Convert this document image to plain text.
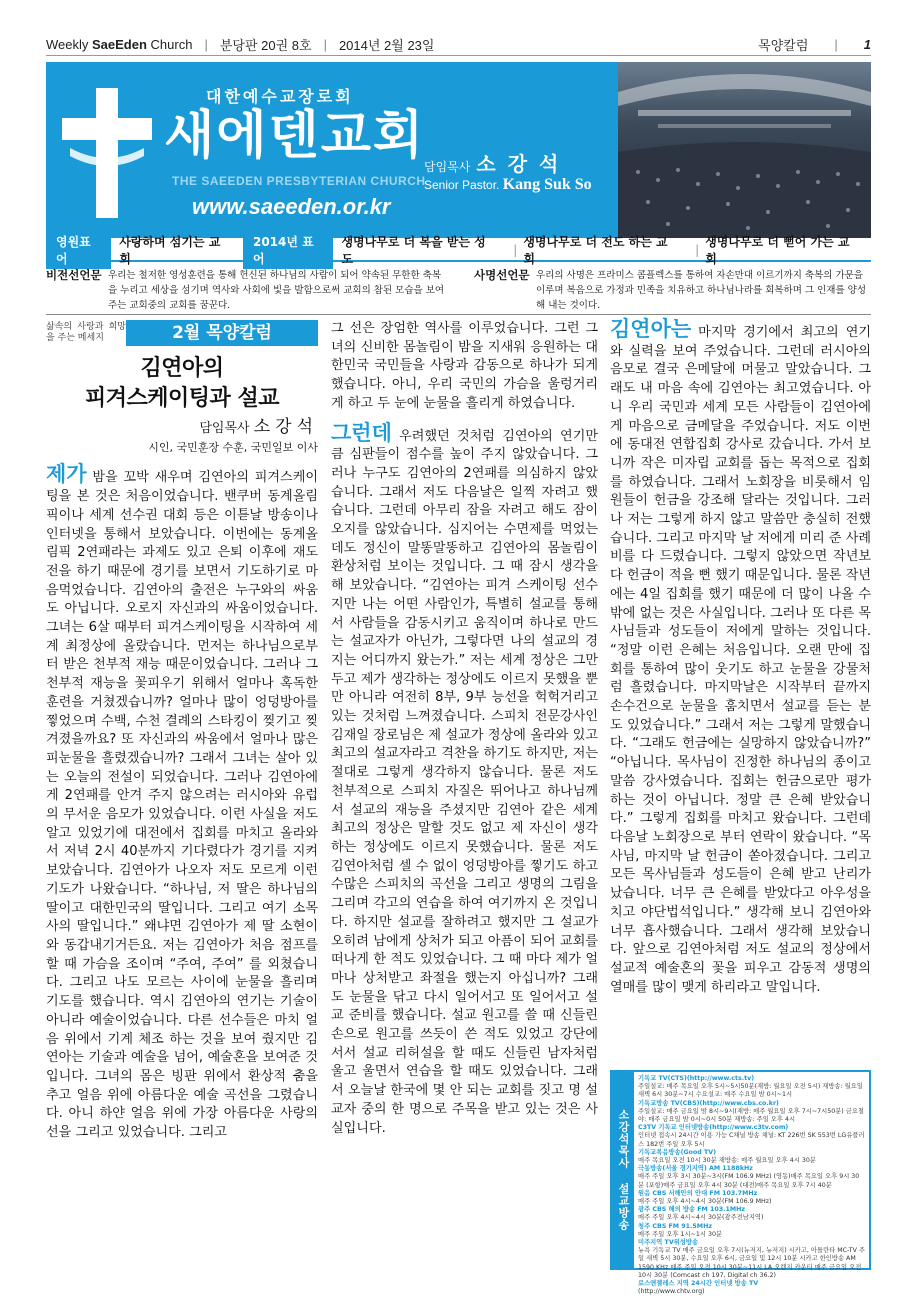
Weekly SaeEden Church | 분당판 20권 8호 | 2014년 2월 23일	목양칼럼 | 1
대한예수교장로회
새에덴교회
THE SAEEDEN PRESBYTERIAN CHURCH
www.saeeden.or.kr
담임목사 소강석
Senior Pastor. Kang Suk So
영원표어
사랑하며 섬기는 교회
2014년 표어
생명나무로 더 복을 받는 성도
|
생명나무로 더 전도 하는 교회
|
생명나무로 더 뻗어 가는 교회
비전선언문 우리는 철저한 영성훈련을 통해 헌신된 하나님의 사람이 되어 약속된 무한한 축복을 누리고 세상을 섬기며 역사와 사회에 빛을 발함으로써 교회의 참된 모습을 보여주는 교회중의 교회를 꿈꾼다.
사명선언문 우리의 사명은 프라미스 콤플렉스를 통하여 자손만대 이르기까지 축복의 가문을 이루며 복음으로 가정과 민족을 치유하고 하나님나라를 회복하며 그 인재를 양성해 내는 것이다.
삶속의 사랑과 희망을 주는 메세지	2월 목양칼럼
김연아의
피겨스케이팅과 설교
담임목사 소강석
시인, 국민훈장 수훈, 국민일보 이사

제가 밤을 꼬박 새우며 김연아의 피겨스케이팅을 본 것은 처음이었습니다. 밴쿠버 동계올림픽이나 세계 선수권 대회 등은 이튿날 방송이나 인터넷을 통해서 보았습니다. 이번에는 동계올림픽 2연패라는 과제도 있고 은퇴 이후에 재도전을 하기 때문에 경기를 보면서 기도하기로 마음먹었습니다. 김연아의 출전은 누구와의 싸움도 아닙니다. 오로지 자신과의 싸움이었습니다. 그녀는 6살 때부터 피겨스케이팅을 시작하여 세계 최정상에 올랐습니다. 먼저는 하나님으로부터 받은 천부적 재능 때문이었습니다. 그러나 그 천부적 재능을 꽃피우기 위해서 얼마나 혹독한 훈련을 거쳤겠습니까? 얼마나 많이 엉덩방아를 찧었으며 수백, 수천 결례의 스타킹이 찢기고 찢겨졌을까요? 또 자신과의 싸움에서 얼마나 많은 피눈물을 흘렸겠습니까? 그래서 그녀는 살아 있는 오늘의 전설이 되었습니다. 그러나 김연아에게 2연패를 안겨 주지 않으려는 러시아와 유럽의 무서운 음모가 있었습니다. 이런 사실을 저도 알고 있었기에 대전에서 집회를 마치고 올라와서 저녁 2시 40분까지 기다렸다가 경기를 지켜보았습니다. 김연아가 나오자 저도 모르게 이런 기도가 나왔습니다. “하나님, 저 딸은 하나님의 딸이고 대한민국의 딸입니다. 그리고 여기 소목사의 딸입니다.” 왜냐면 김연아가 제 딸 소현이와 동갑내기거든요. 저는 김연아가 처음 점프를 할 때 가슴을 조이며 “주여, 주여” 를 외쳤습니다. 그리고 나도 모르는 사이에 눈물을 흘리며 기도를 했습니다. 역시 김연아의 연기는 기술이 아니라 예술이었습니다. 다른 선수들은 마치 얼음 위에서 기계 체조 하는 것을 보여 줬지만 김연아는 기술과 예술을 넘어, 예술혼을 보여준 것입니다. 그녀의 몸은 빙판 위에서 환상적 춤을 추고 얼음 위에 아름다운 예술 곡선을 그렸습니다. 아니 하얀 얼음 위에 가장 아름다운 사랑의 선을 그리고 있었습니다. 그리고

그 선은 장엄한 역사를 이루었습니다. 그런 그녀의 신비한 몸놀림이 밤을 지새워 응원하는 대한민국 국민들을 사랑과 감동으로 하나가 되게 했습니다. 아니, 우리 국민의 가슴을 울렁거리게 하고 두 눈에 눈물을 흘리게 하였습니다.

그런데 우려했던 것처럼 김연아의 연기만큼 심판들이 점수를 높이 주지 않았습니다. 그러나 누구도 김연아의 2연패를 의심하지 않았습니다. 그래서 저도 다음날은 일찍 자려고 했습니다. 그런데 아무리 잠을 자려고 해도 잠이 오지를 않았습니다. 심지어는 수면제를 먹었는데도 정신이 말똥말똥하고 김연아의 몸놀림이 환상처럼 보이는 것입니다. 그 때 잠시 생각을 해 보았습니다. “김연아는 피겨 스케이팅 선수지만 나는 어떤 사람인가, 특별히 설교를 통해서 사람들을 감동시키고 움직이며 하나로 만드는 설교자가 아닌가, 그렇다면 나의 설교의 경지는 어디까지 왔는가.” 저는 세계 정상은 그만두고 제가 생각하는 정상에도 이르지 못했을 뿐만 아니라 여전히 8부, 9부 능선을 헉헉거리고 있는 것처럼 느껴졌습니다. 스피치 전문강사인 김재일 장로님은 제 설교가 정상에 올라와 있고 최고의 설교자라고 격찬을 하기도 하지만, 저는 절대로 그렇게 생각하지 않습니다. 물론 저도 천부적으로 스피치 자질은 뛰어나고 하나님께서 설교의 재능을 주셨지만 김연아 같은 세계 최고의 정상은 말할 것도 없고 제 자신이 생각하는 정상에도 이르지 못했습니다. 물론 저도 김연아처럼 셀 수 없이 엉덩방아를 찧기도 하고 수많은 스피치의 곡선을 그리고 생명의 그림을 그리며 각고의 연습을 하여 여기까지 온 것입니다. 하지만 설교를 잘하려고 했지만 그 설교가 오히려 남에게 상처가 되고 아픔이 되어 교회를 떠나게 한 적도 있었습니다. 그 때 마다 제가 얼마나 상처받고 좌절을 했는지 아십니까? 그래도 눈물을 닦고 다시 일어서고 또 일어서고 설교 준비를 했습니다. 설교 원고를 쓸 때 신들린 손으로 원고를 쓰듯이 쓴 적도 있었고 강단에 서서 설교 리허설을 할 때도 신들린 남자처럼 울고 울면서 연습을 할 때도 있었습니다. 그래서 오늘날 한국에 몇 안 되는 교회를 짓고 명 설교자 중의 한 명으로 주목을 받고 있는 것은 사실입니다.

김연아는 마지막 경기에서 최고의 연기와 실력을 보여 주었습니다. 그런데 러시아의 음모로 결국 은메달에 머물고 말았습니다. 그래도 내 마음 속에 김연아는 최고였습니다. 아니 우리 국민과 세계 모든 사람들이 김연아에게 마음으로 금메달을 주었습니다. 저도 이번에 동대전 연합집회 강사로 갔습니다. 가서 보니까 작은 미자립 교회를 돕는 목적으로 집회를 하였습니다. 그래서 노회장을 비롯해서 임원들이 헌금을 강조해 달라는 것입니다. 그러나 저는 그렇게 하지 않고 말씀만 충실히 전했습니다. 그리고 마지막 날 저에게 미리 준 사례비를 다 드렸습니다. 그렇지 않았으면 작년보다 헌금이 적을 뻔 했기 때문입니다. 물론 작년에는 4일 집회를 했기 때문에 더 많이 나올 수밖에 없는 것은 사실입니다. 그러나 또 다른 목사님들과 성도들이 저에게 말하는 것입니다. “정말 이런 은혜는 처음입니다. 오랜 만에 집회를 통하여 많이 웃기도 하고 눈물을 강물처럼 흘렸습니다. 마지막날은 시작부터 끝까지 손수건으로 눈물을 훔치면서 설교를 듣는 분도 있었습니다.” 그래서 저는 그렇게 말했습니다. “그래도 헌금에는 실망하지 않았습니까?” “아닙니다. 목사님이 진정한 하나님의 종이고 말씀 강사였습니다. 집회는 헌금으로만 평가하는 것이 아닙니다. 정말 큰 은혜 받았습니다.” 그렇게 집회를 마치고 왔습니다. 그런데 다음날 노회장으로 부터 연락이 왔습니다. “목사님, 마지막 날 헌금이 쏟아졌습니다. 그리고 모든 목사님들과 성도들이 은혜 받고 난리가 났습니다. 너무 큰 은혜를 받았다고 아우성을 치고 야단법석입니다.” 생각해 보니 김연아와 너무 흡사했습니다. 그래서 생각해 보았습니다. 앞으로 김연아처럼 저도 설교의 정상에서 설교적 예술혼의 꽃을 피우고 감동적 생명의 열매를 많이 맺게 하리라고 말입니다.

소강석목사 설교방송
기독교 TV(CTS)(http://www.cts.tv)
주일설교: 매주 목요일 오후 5시~5시50분(재방: 월요일 오전 5시) 재방송: 월요일 새벽 6시 30분~7시 수요설교: 매주 수요일 밤 0시~1시
기독교방송 TV(CBS)(http://www.cbs.co.kr)
주일설교: 매주 금요일 밤 8시~9시(재방: 매주 월요일 오후 7시~7시50분) 금요철야: 매주 금요일 밤 0시~0시 50분 재방송: 주일 오후 4시
C3TV 기독교 인터넷방송(http://www.c3tv.com)
인터넷 접속시 24시간 이용 가능 C채널 방송 채널: KT 226번 SK 553번 LG유플러스 182번 주일 오후 5시
기독교복음방송(Good TV)
매주 목요일 오전 10시 30분 재방송: 매주 월요일 오후 4시 30분
극동방송(서울 경기지역) AM 1188kHz
매주 주일 오후 3시 30분~3시(FM 106.9 MHz) (영동)매주 목요일 오후 9시 30분 (포항)매주 금요일 오후 4시 30분 (대전)매주 목요일 오후 7시 40분
원음 CBS 서해안의 안대 FM 103.7MHz
매주 주일 오후 4시~4시 30분(FM 106.9 MHz)
광주 CBS 해의 방송 FM 103.1MHz
매주 주일 오후 4시~4시 30분(광주전남지역)
청주 CBS FM 91.5MHz
매주 주일 오후 1시~1시 30분
미주지역 TV위성방송
뉴욕 기독교 TV 매주 금요일 오후 7시(뉴저지, 뉴저지) 시카고, 아틀란타 MC-TV 주 일 새벽 5시 30분, 수요일 오후 6시, 금요일 및 12시 10분 시카고 한인방송 AM 1590 KHz 매주 주일 오전 10시 30분~11시 LA 오렌지 카운티 매주 금요일 오전 10시 30분 (Comcast ch 197, Digital ch 36.2)
로스앤젤레스 지역 24시간 인터넷 방송 TV
(http://www.chtv.org)
